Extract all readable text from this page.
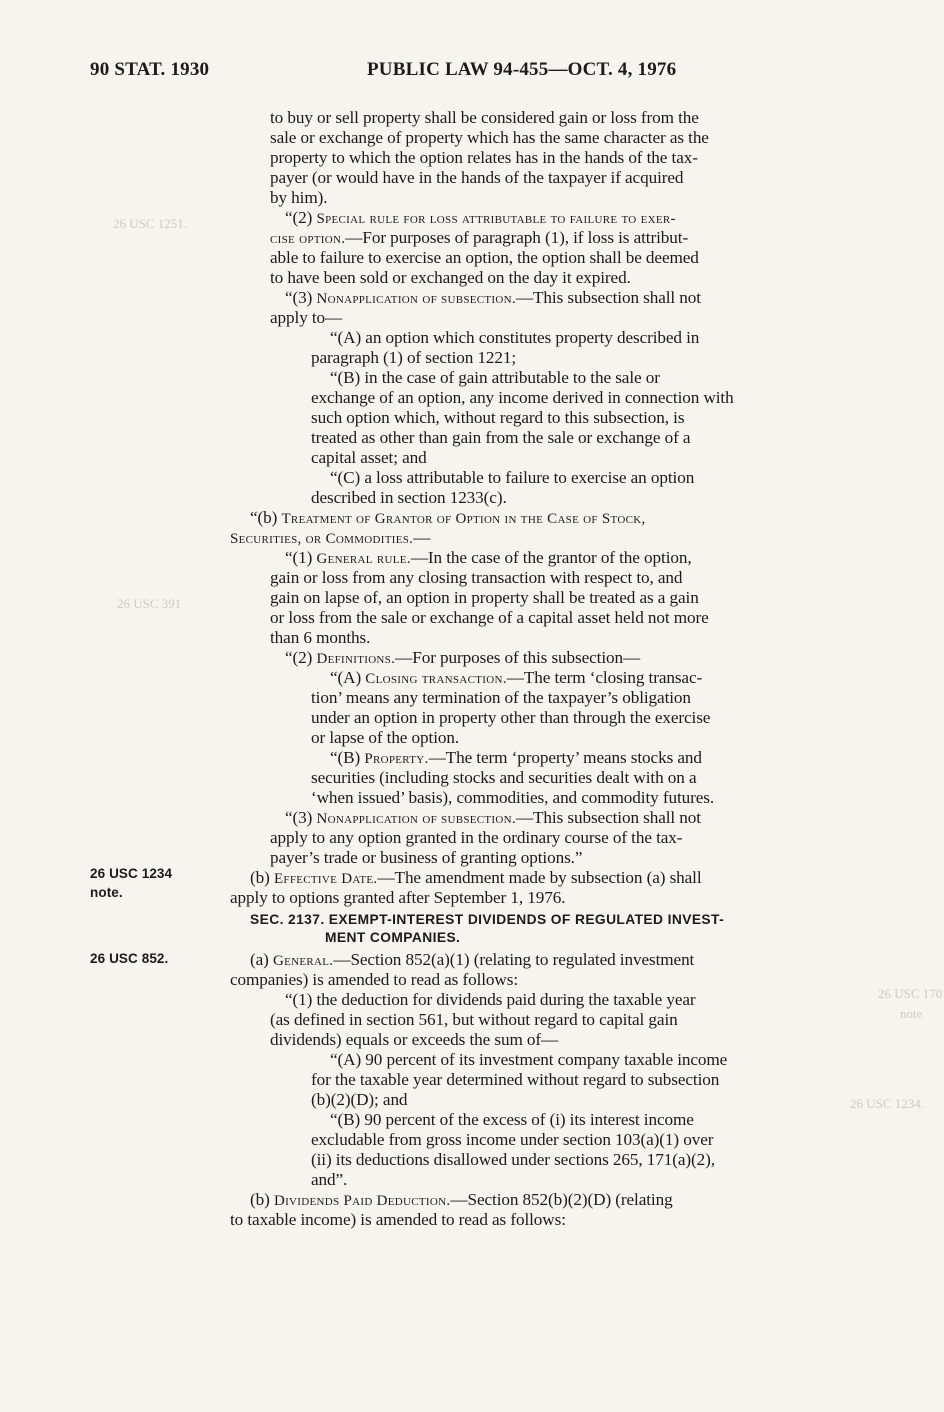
90 STAT. 1930	PUBLIC LAW 94-455—OCT. 4, 1976
26 USC 1251.
26 USC 391
26 USC 170
note
26 USC 1234.
26 USC 1234
note.
26 USC 852.
to buy or sell property shall be considered gain or loss from the
sale or exchange of property which has the same character as the
property to which the option relates has in the hands of the tax-
payer (or would have in the hands of the taxpayer if acquired
by him).
“(2) Special rule for loss attributable to failure to exer-
cise option.—For purposes of paragraph (1), if loss is attribut-
able to failure to exercise an option, the option shall be deemed
to have been sold or exchanged on the day it expired.
“(3) Nonapplication of subsection.—This subsection shall not
apply to—
“(A) an option which constitutes property described in
paragraph (1) of section 1221;
“(B) in the case of gain attributable to the sale or
exchange of an option, any income derived in connection with
such option which, without regard to this subsection, is
treated as other than gain from the sale or exchange of a
capital asset; and
“(C) a loss attributable to failure to exercise an option
described in section 1233(c).
“(b) Treatment of Grantor of Option in the Case of Stock,
Securities, or Commodities.—
“(1) General rule.—In the case of the grantor of the option,
gain or loss from any closing transaction with respect to, and
gain on lapse of, an option in property shall be treated as a gain
or loss from the sale or exchange of a capital asset held not more
than 6 months.
“(2) Definitions.—For purposes of this subsection—
“(A) Closing transaction.—The term ‘closing transac-
tion’ means any termination of the taxpayer’s obligation
under an option in property other than through the exercise
or lapse of the option.
“(B) Property.—The term ‘property’ means stocks and
securities (including stocks and securities dealt with on a
‘when issued’ basis), commodities, and commodity futures.
“(3) Nonapplication of subsection.—This subsection shall not
apply to any option granted in the ordinary course of the tax-
payer’s trade or business of granting options.”
(b) Effective Date.—The amendment made by subsection (a) shall
apply to options granted after September 1, 1976.
SEC. 2137. EXEMPT-INTEREST DIVIDENDS OF REGULATED INVEST-
MENT COMPANIES.
(a) General.—Section 852(a)(1) (relating to regulated investment
companies) is amended to read as follows:
“(1) the deduction for dividends paid during the taxable year
(as defined in section 561, but without regard to capital gain
dividends) equals or exceeds the sum of—
“(A) 90 percent of its investment company taxable income
for the taxable year determined without regard to subsection
(b)(2)(D); and
“(B) 90 percent of the excess of (i) its interest income
excludable from gross income under section 103(a)(1) over
(ii) its deductions disallowed under sections 265, 171(a)(2),
and”.
(b) Dividends Paid Deduction.—Section 852(b)(2)(D) (relating
to taxable income) is amended to read as follows:
